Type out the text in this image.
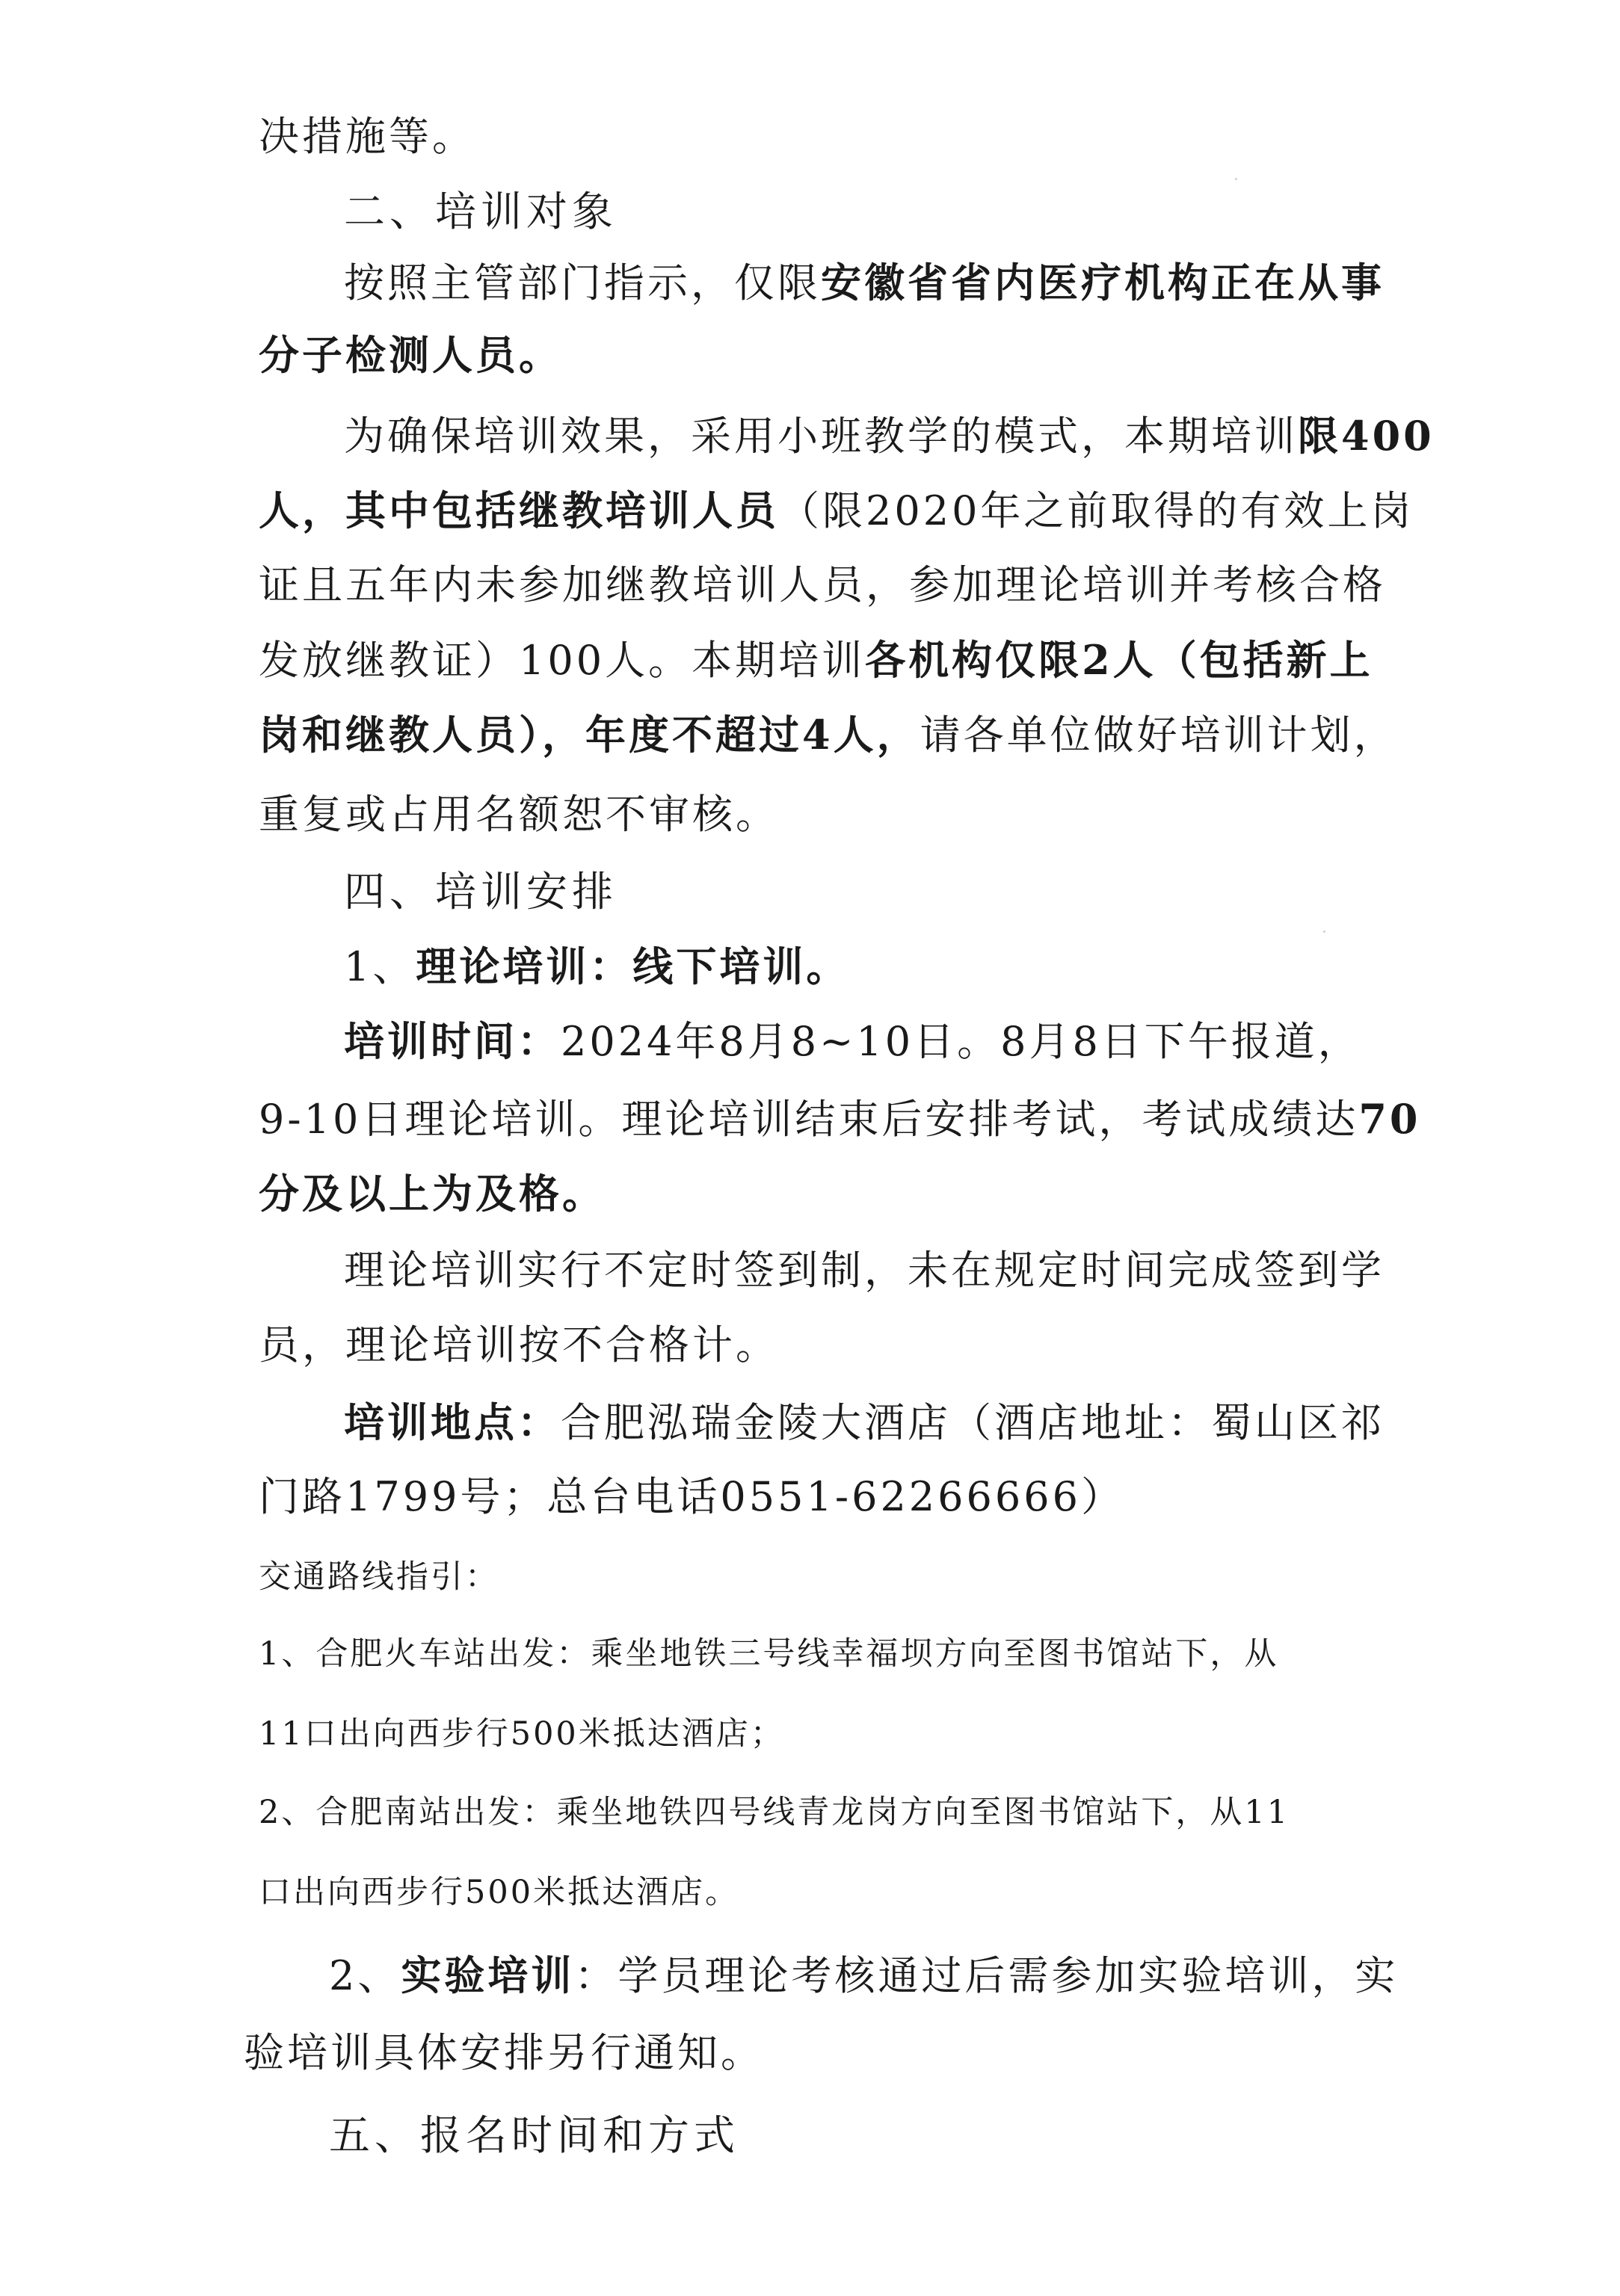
决措施等。
二、培训对象
按照主管部门指示，仅限安徽省省内医疗机构正在从事
分子检测人员。
为确保培训效果，采用小班教学的模式，本期培训限400
人，其中包括继教培训人员（限2020年之前取得的有效上岗
证且五年内未参加继教培训人员，参加理论培训并考核合格
发放继教证）100人。本期培训各机构仅限2人（包括新上
岗和继教人员），年度不超过4人，请各单位做好培训计划，
重复或占用名额恕不审核。
四、培训安排
1、理论培训：线下培训。
培训时间：2024年8月8~10日。8月8日下午报道，
9-10日理论培训。理论培训结束后安排考试，考试成绩达70
分及以上为及格。
理论培训实行不定时签到制，未在规定时间完成签到学
员，理论培训按不合格计。
培训地点：合肥泓瑞金陵大酒店（酒店地址：蜀山区祁
门路1799号；总台电话0551-62266666）
交通路线指引：
1、合肥火车站出发：乘坐地铁三号线幸福坝方向至图书馆站下，从
11口出向西步行500米抵达酒店；
2、合肥南站出发：乘坐地铁四号线青龙岗方向至图书馆站下，从11
口出向西步行500米抵达酒店。
2、实验培训：学员理论考核通过后需参加实验培训，实
验培训具体安排另行通知。
五、报名时间和方式
